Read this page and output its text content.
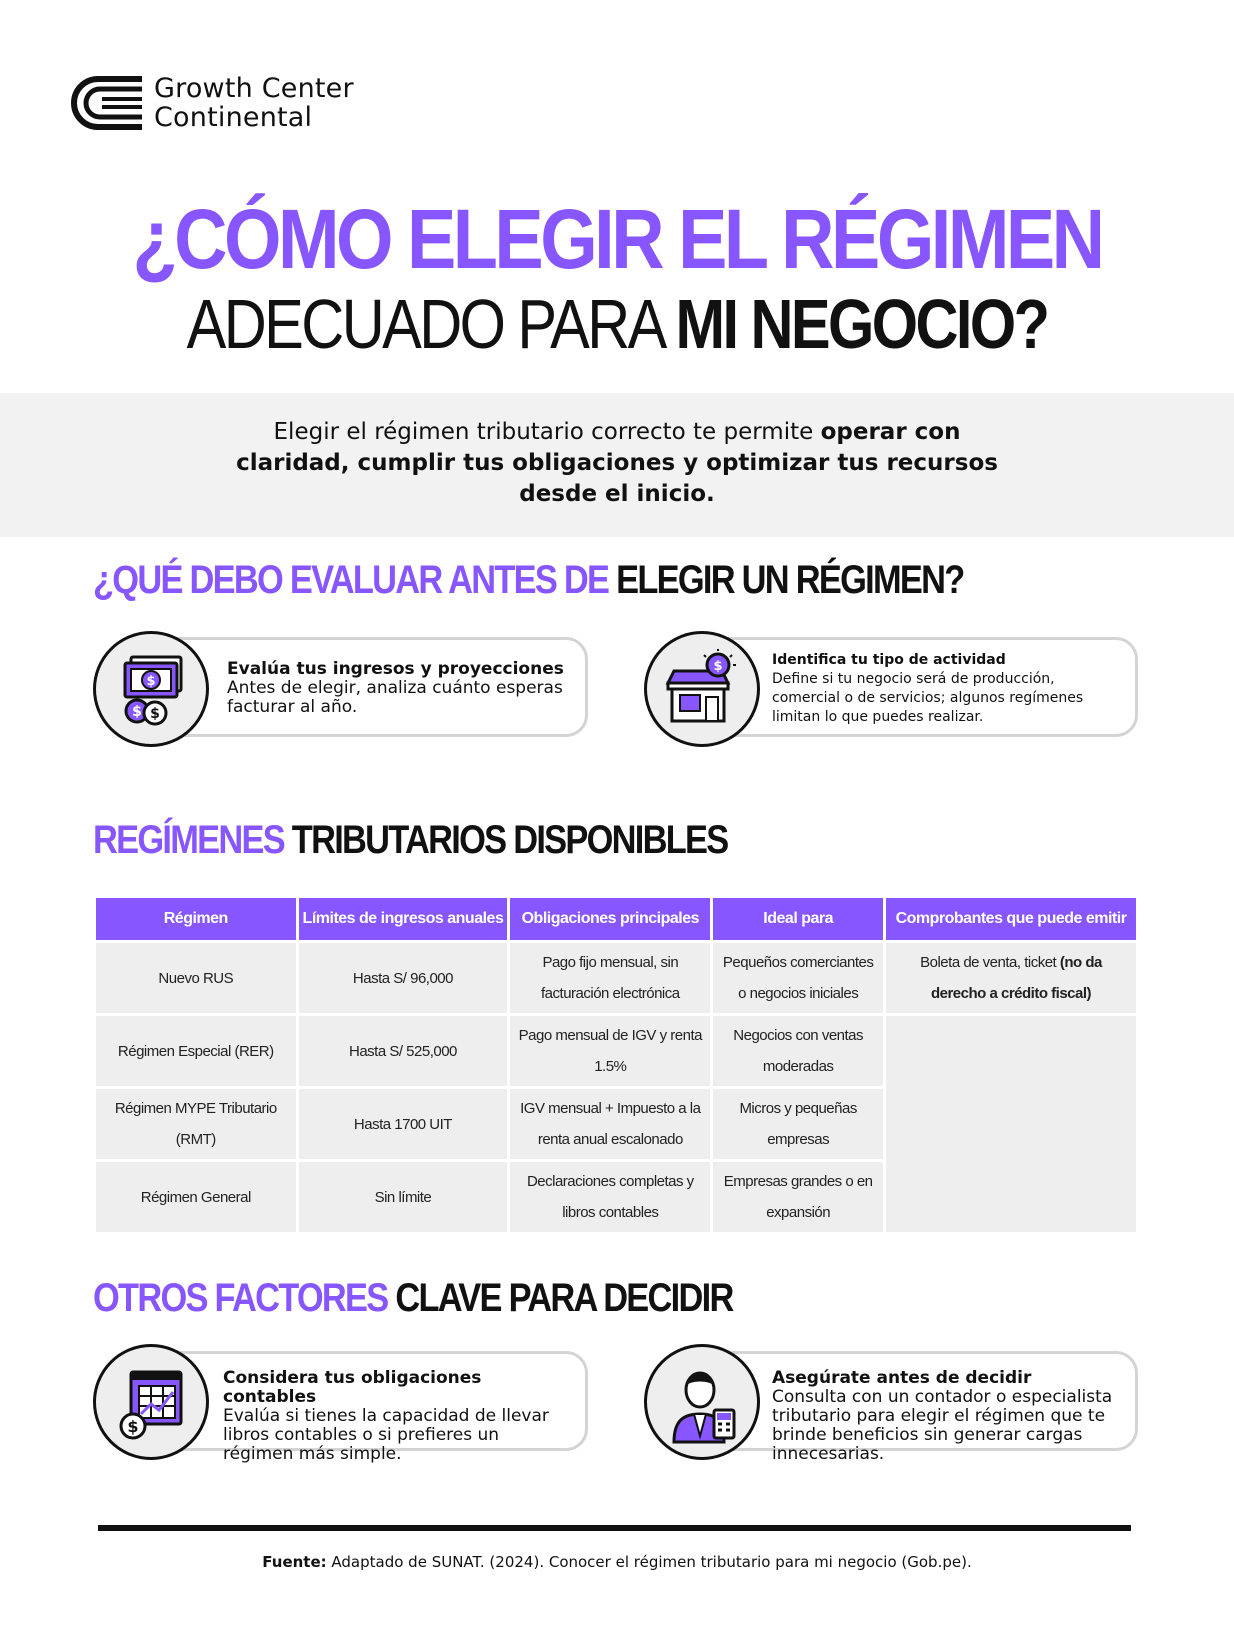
Growth Center
Continental
¿CÓMO ELEGIR EL RÉGIMEN
ADECUADO PARA MI NEGOCIO?
Elegir el régimen tributario correcto te permite operar con claridad, cumplir tus obligaciones y optimizar tus recursos desde el inicio.
¿QUÉ DEBO EVALUAR ANTES DE ELEGIR UN RÉGIMEN?
$
$ $
Evalúa tus ingresos y proyecciones
Antes de elegir, analiza cuánto esperas facturar al año.
$	Identifica tu tipo de actividad
Define si tu negocio será de producción, comercial o de servicios; algunos regímenes limitan lo que puedes realizar.
REGÍMENES TRIBUTARIOS DISPONIBLES
Régimen	Límites de ingresos anuales	Obligaciones principales	Ideal para	Comprobantes que puede emitir
Nuevo RUS	Hasta S/ 96,000	Pago fijo mensual, sin facturación electrónica	Pequeños comerciantes o negocios iniciales	Boleta de venta, ticket (no da derecho a crédito fiscal)
Régimen Especial (RER)	Hasta S/ 525,000	Pago mensual de IGV y renta 1.5%	Negocios con ventas moderadas	
Régimen MYPE Tributario (RMT)	Hasta 1700 UIT	IGV mensual + Impuesto a la renta anual escalonado	Micros y pequeñas empresas	
Régimen General	Sin límite	Declaraciones completas y libros contables	Empresas grandes o en expansión	
OTROS FACTORES CLAVE PARA DECIDIR
$
Considera tus obligaciones contables
Evalúa si tienes la capacidad de llevar libros contables o si prefieres un régimen más simple.
Asegúrate antes de decidir
Consulta con un contador o especialista tributario para elegir el régimen que te brinde beneficios sin generar cargas innecesarias.
Fuente: Adaptado de SUNAT. (2024). Conocer el régimen tributario para mi negocio (Gob.pe).
